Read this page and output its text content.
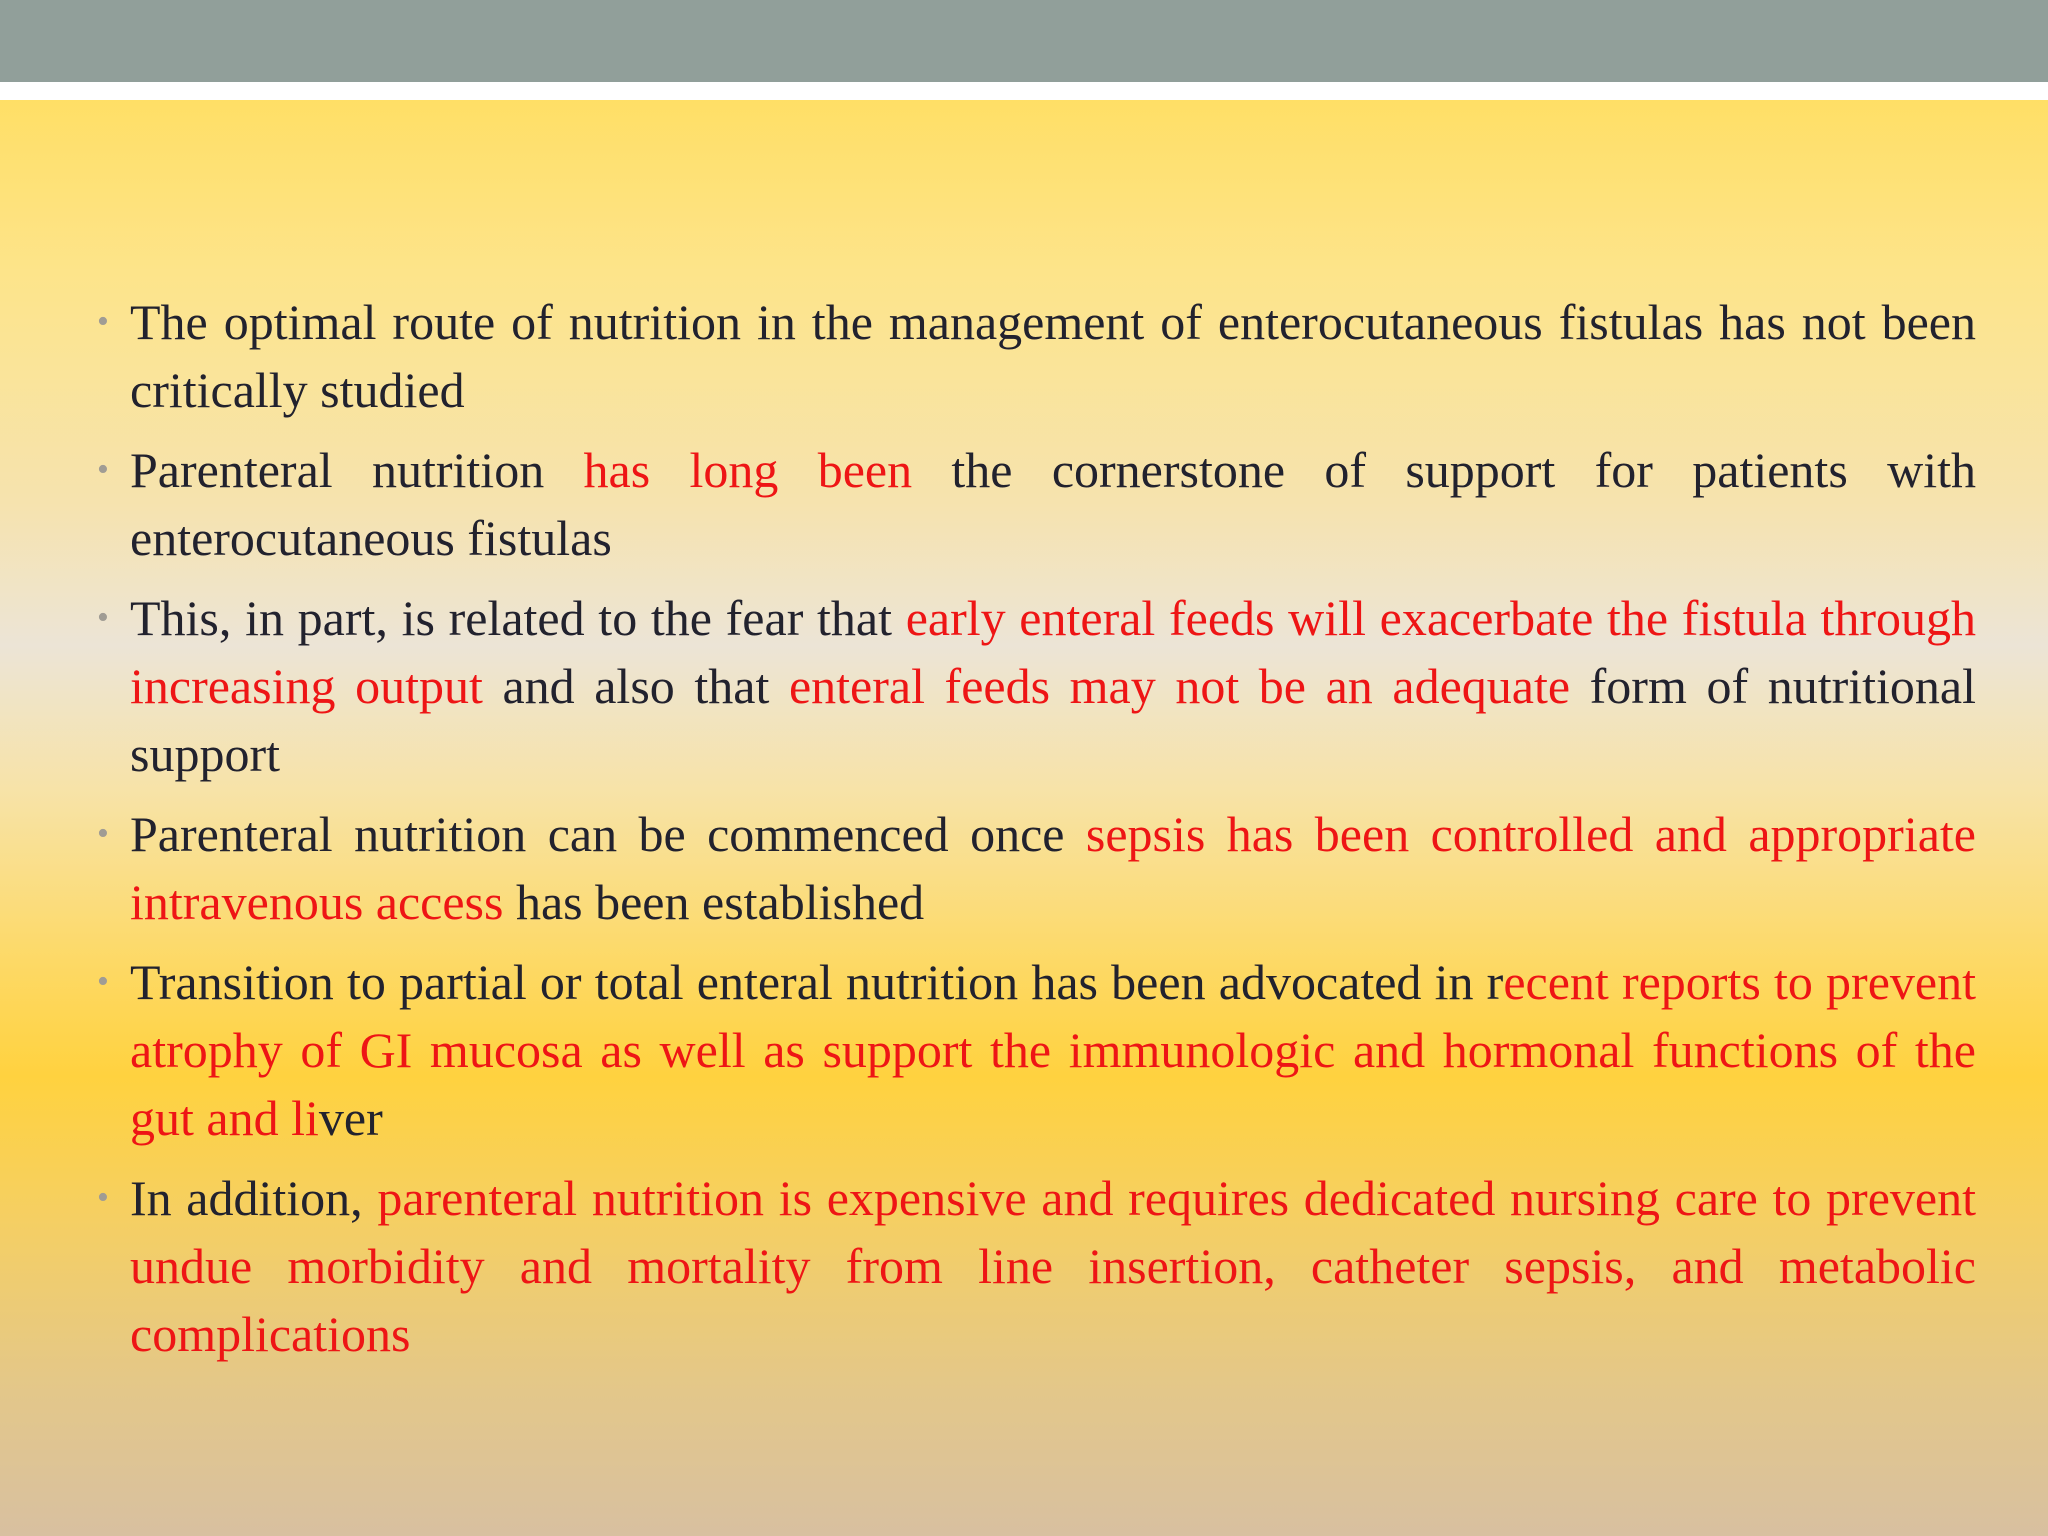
• The optimal route of nutrition in the management of enterocutaneous fistulas has not been critically studied
• Parenteral nutrition has long been the cornerstone of support for patients with enterocutaneous fistulas
• This, in part, is related to the fear that early enteral feeds will exacerbate the fistula through increasing output and also that enteral feeds may not be an adequate form of nutritional support
• Parenteral nutrition can be commenced once sepsis has been controlled and appropriate intravenous access has been established
• Transition to partial or total enteral nutrition has been advocated in recent reports to prevent atrophy of GI mucosa as well as support the immunologic and hormonal functions of the gut and liver
• In addition, parenteral nutrition is expensive and requires dedicated nursing care to prevent undue morbidity and mortality from line insertion, catheter sepsis, and metabolic complications
